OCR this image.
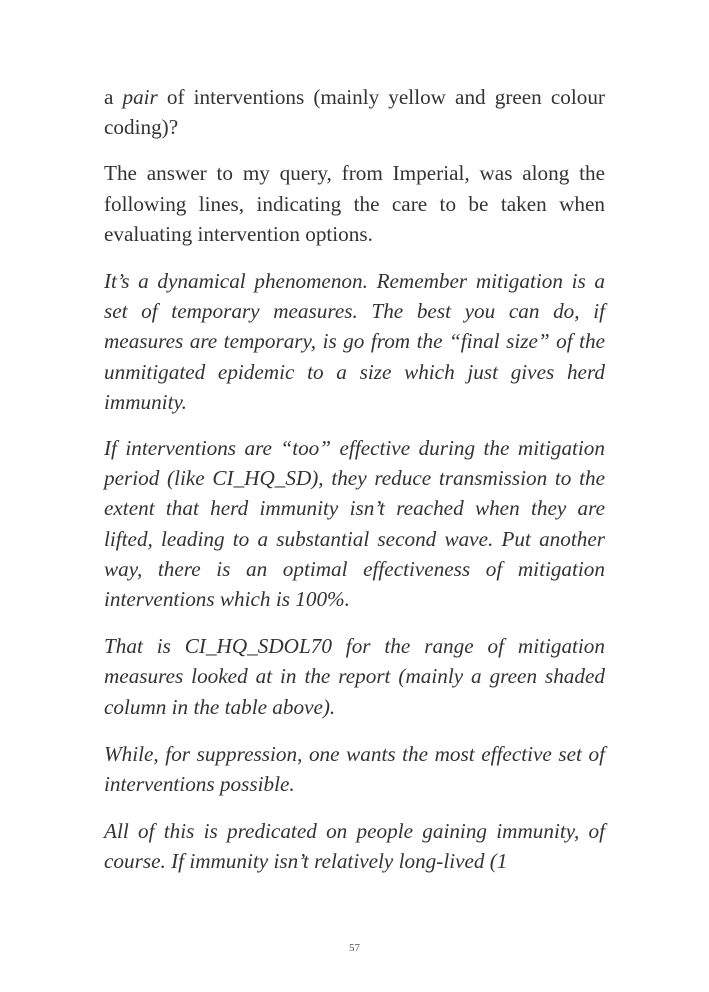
a pair of interventions (mainly yellow and green colour coding)?

The answer to my query, from Imperial, was along the following lines, indicating the care to be taken when evaluating intervention options.

It’s a dynamical phenomenon. Remember mitigation is a set of temporary measures. The best you can do, if measures are temporary, is go from the “final size” of the unmitigated epidemic to a size which just gives herd immunity.

If interventions are “too” effective during the mitigation period (like CI_HQ_SD), they reduce transmission to the extent that herd immunity isn’t reached when they are lifted, leading to a substantial second wave. Put another way, there is an optimal effectiveness of mitigation interventions which is 100%.

That is CI_HQ_SDOL70 for the range of mitigation measures looked at in the report (mainly a green shaded column in the table above).

While, for suppression, one wants the most effective set of interventions possible.

All of this is predicated on people gaining immunity, of course. If immunity isn’t relatively long-lived (1

57
